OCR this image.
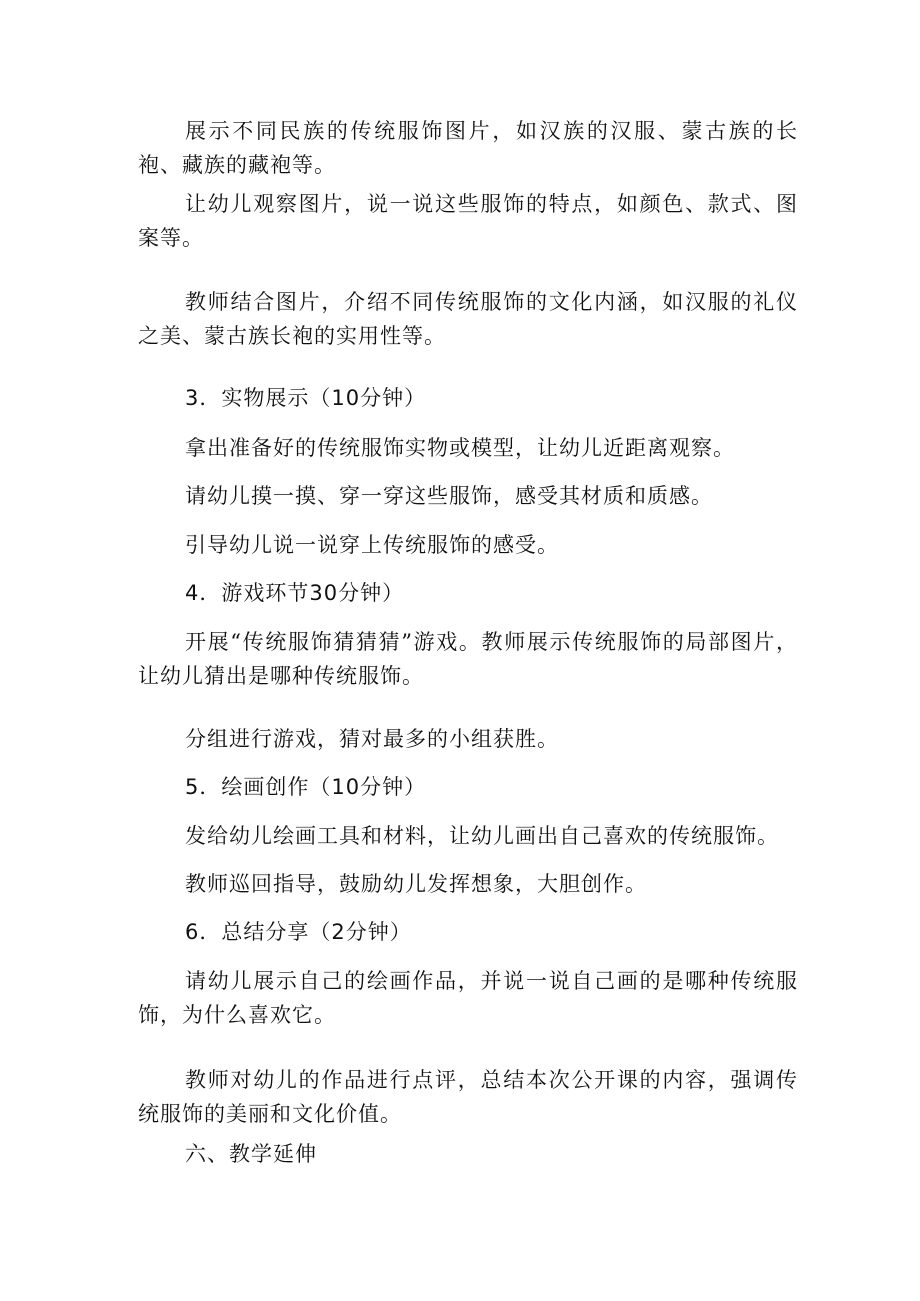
展示不同民族的传统服饰图片，如汉族的汉服、蒙古族的长袍、藏族的藏袍等。

让幼儿观察图片，说一说这些服饰的特点，如颜色、款式、图案等。

教师结合图片，介绍不同传统服饰的文化内涵，如汉服的礼仪之美、蒙古族长袍的实用性等。

3．实物展示（10分钟）

拿出准备好的传统服饰实物或模型，让幼儿近距离观察。

请幼儿摸一摸、穿一穿这些服饰，感受其材质和质感。

引导幼儿说一说穿上传统服饰的感受。

4．游戏环节30分钟）

开展“传统服饰猜猜猜”游戏。教师展示传统服饰的局部图片，让幼儿猜出是哪种传统服饰。

分组进行游戏，猜对最多的小组获胜。

5．绘画创作（10分钟）

发给幼儿绘画工具和材料，让幼儿画出自己喜欢的传统服饰。

教师巡回指导，鼓励幼儿发挥想象，大胆创作。

6．总结分享（2分钟）

请幼儿展示自己的绘画作品，并说一说自己画的是哪种传统服饰，为什么喜欢它。

教师对幼儿的作品进行点评，总结本次公开课的内容，强调传统服饰的美丽和文化价值。

六、教学延伸
